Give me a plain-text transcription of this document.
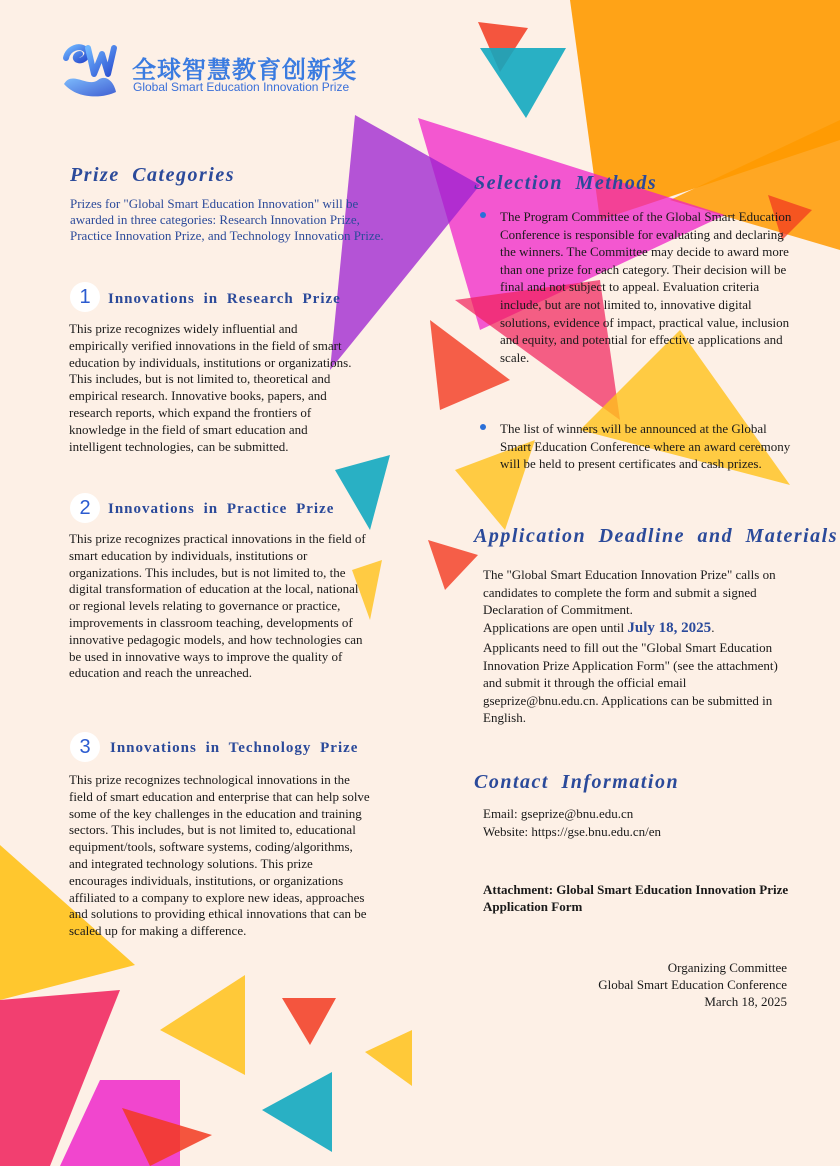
全球智慧教育创新奖
Global Smart Education Innovation Prize
Prize Categories
Prizes for "Global Smart Education Innovation" will be awarded in three categories: Research Innovation Prize, Practice Innovation Prize, and Technology Innovation Prize.
1	Innovations in Research Prize
This prize recognizes widely influential and empirically verified innovations in the field of smart education by individuals, institutions or organizations. This includes, but is not limited to, theoretical and empirical research. Innovative books, papers, and research reports, which expand the frontiers of knowledge in the field of smart education and intelligent technologies, can be submitted.
2	Innovations in Practice Prize
This prize recognizes practical innovations in the field of smart education by individuals, institutions or organizations. This includes, but is not limited to, the digital transformation of education at the local, national or regional levels relating to governance or practice, improvements in classroom teaching, developments of innovative pedagogic models, and how technologies can be used in innovative ways to improve the quality of education and reach the unreached.
3	Innovations in Technology Prize
This prize recognizes technological innovations in the field of smart education and enterprise that can help solve some of the key challenges in the education and training sectors. This includes, but is not limited to, educational equipment/tools, software systems, coding/algorithms, and integrated technology solutions. This prize encourages individuals, institutions, or organizations affiliated to a company to explore new ideas, approaches and solutions to providing ethical innovations that can be scaled up for making a difference.
Selection Methods
The Program Committee of the Global Smart Education Conference is responsible for evaluating and declaring the winners. The Committee may decide to award more than one prize for each category. Their decision will be final and not subject to appeal. Evaluation criteria include, but are not limited to, innovative digital solutions, evidence of impact, practical value, inclusion and equity, and potential for effective applications and scale.
The list of winners will be announced at the Global Smart Education Conference where an award ceremony will be held to present certificates and cash prizes.
Application Deadline and Materials
The "Global Smart Education Innovation Prize" calls on candidates to complete the form and submit a signed Declaration of Commitment.
Applications are open until July 18, 2025.
Applicants need to fill out the "Global Smart Education Innovation Prize Application Form" (see the attachment) and submit it through the official email gseprize@bnu.edu.cn. Applications can be submitted in English.
Contact Information
Email: gseprize@bnu.edu.cn
Website: https://gse.bnu.edu.cn/en
Attachment: Global Smart Education Innovation Prize Application Form
Organizing Committee
Global Smart Education Conference
March 18, 2025
